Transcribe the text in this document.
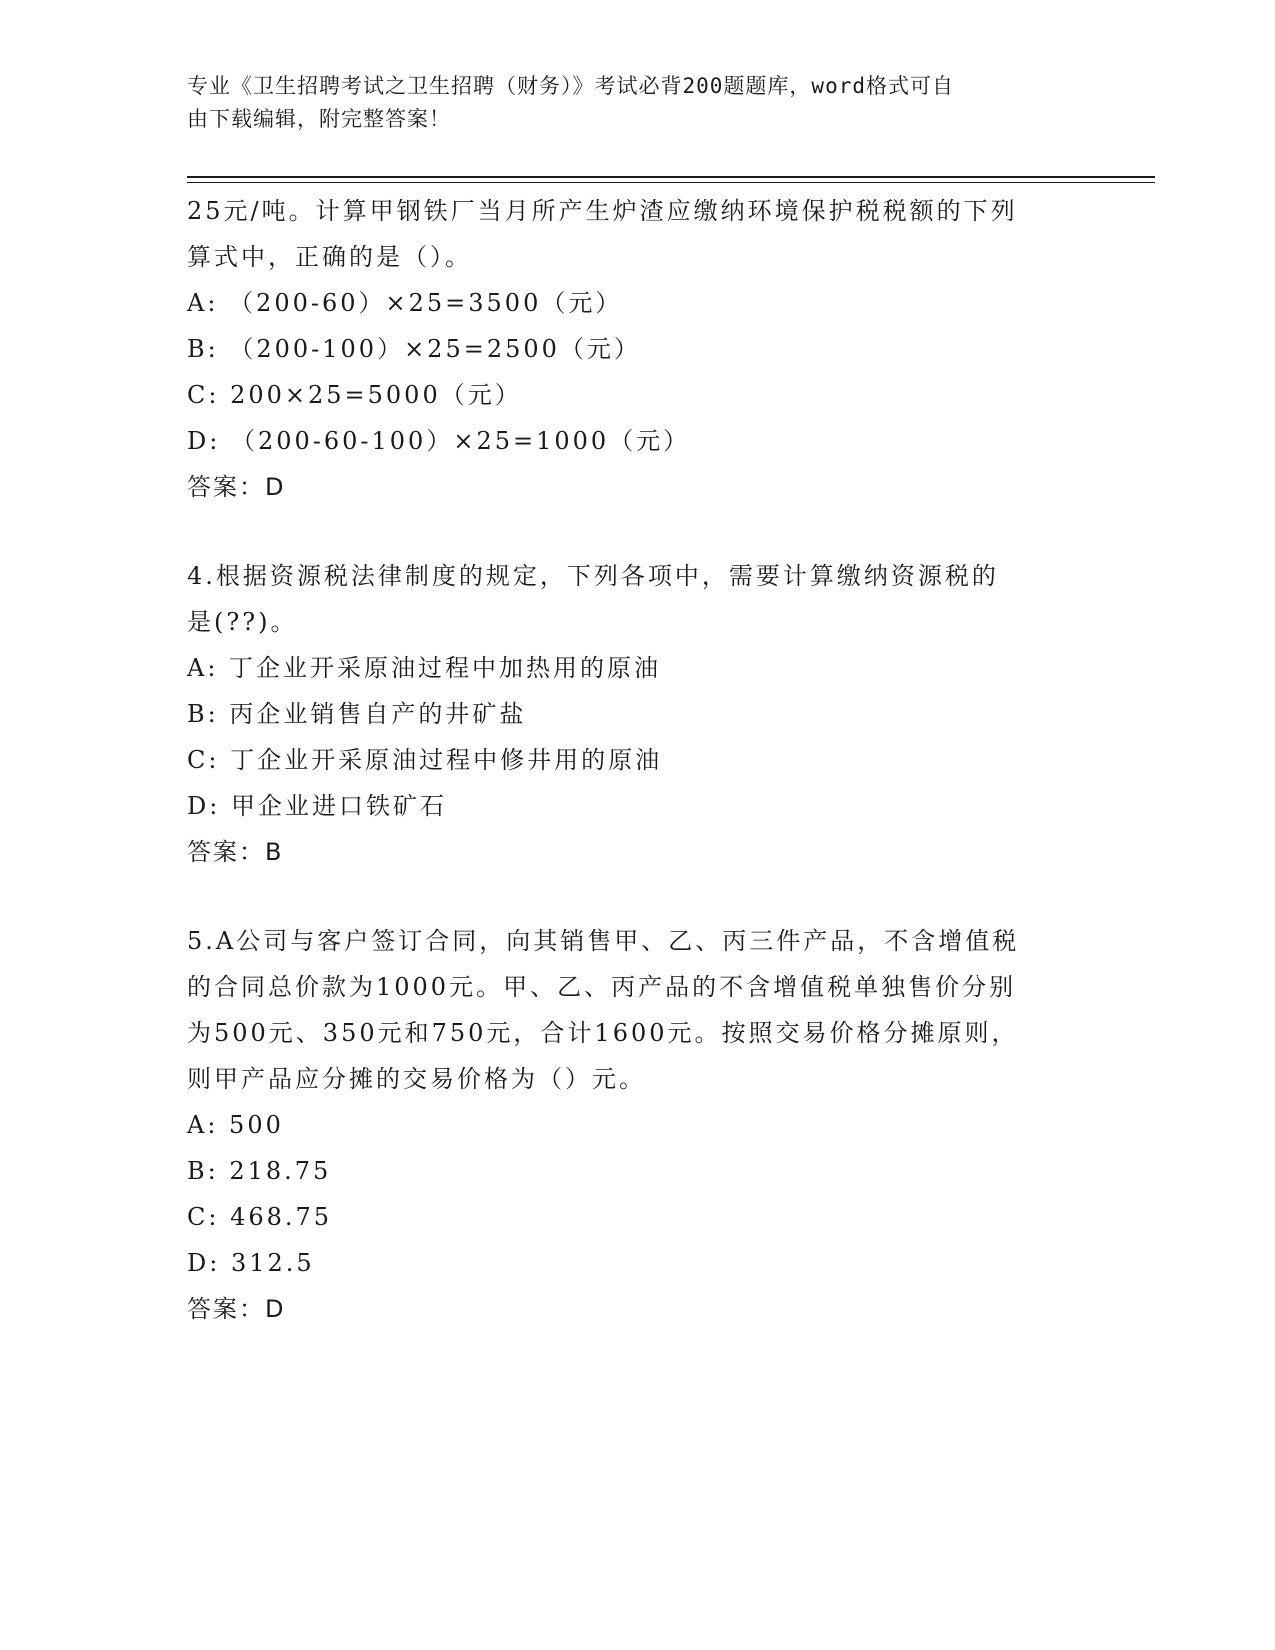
专业《卫生招聘考试之卫生招聘（财务）》考试必背200题题库，word格式可自
由下载编辑，附完整答案！
25元/吨。计算甲钢铁厂当月所产生炉渣应缴纳环境保护税税额的下列
算式中，正确的是（）。
A: （200-60）×25=3500（元）
B: （200-100）×25=2500（元）
C: 200×25=5000（元）
D: （200-60-100）×25=1000（元）
答案：D
4.根据资源税法律制度的规定，下列各项中，需要计算缴纳资源税的
是(??)。
A: 丁企业开采原油过程中加热用的原油
B: 丙企业销售自产的井矿盐
C: 丁企业开采原油过程中修井用的原油
D: 甲企业进口铁矿石
答案：B
5.A公司与客户签订合同，向其销售甲、乙、丙三件产品，不含增值税
的合同总价款为1000元。甲、乙、丙产品的不含增值税单独售价分别
为500元、350元和750元，合计1600元。按照交易价格分摊原则，
则甲产品应分摊的交易价格为（）元。
A: 500
B: 218.75
C: 468.75
D: 312.5
答案：D
